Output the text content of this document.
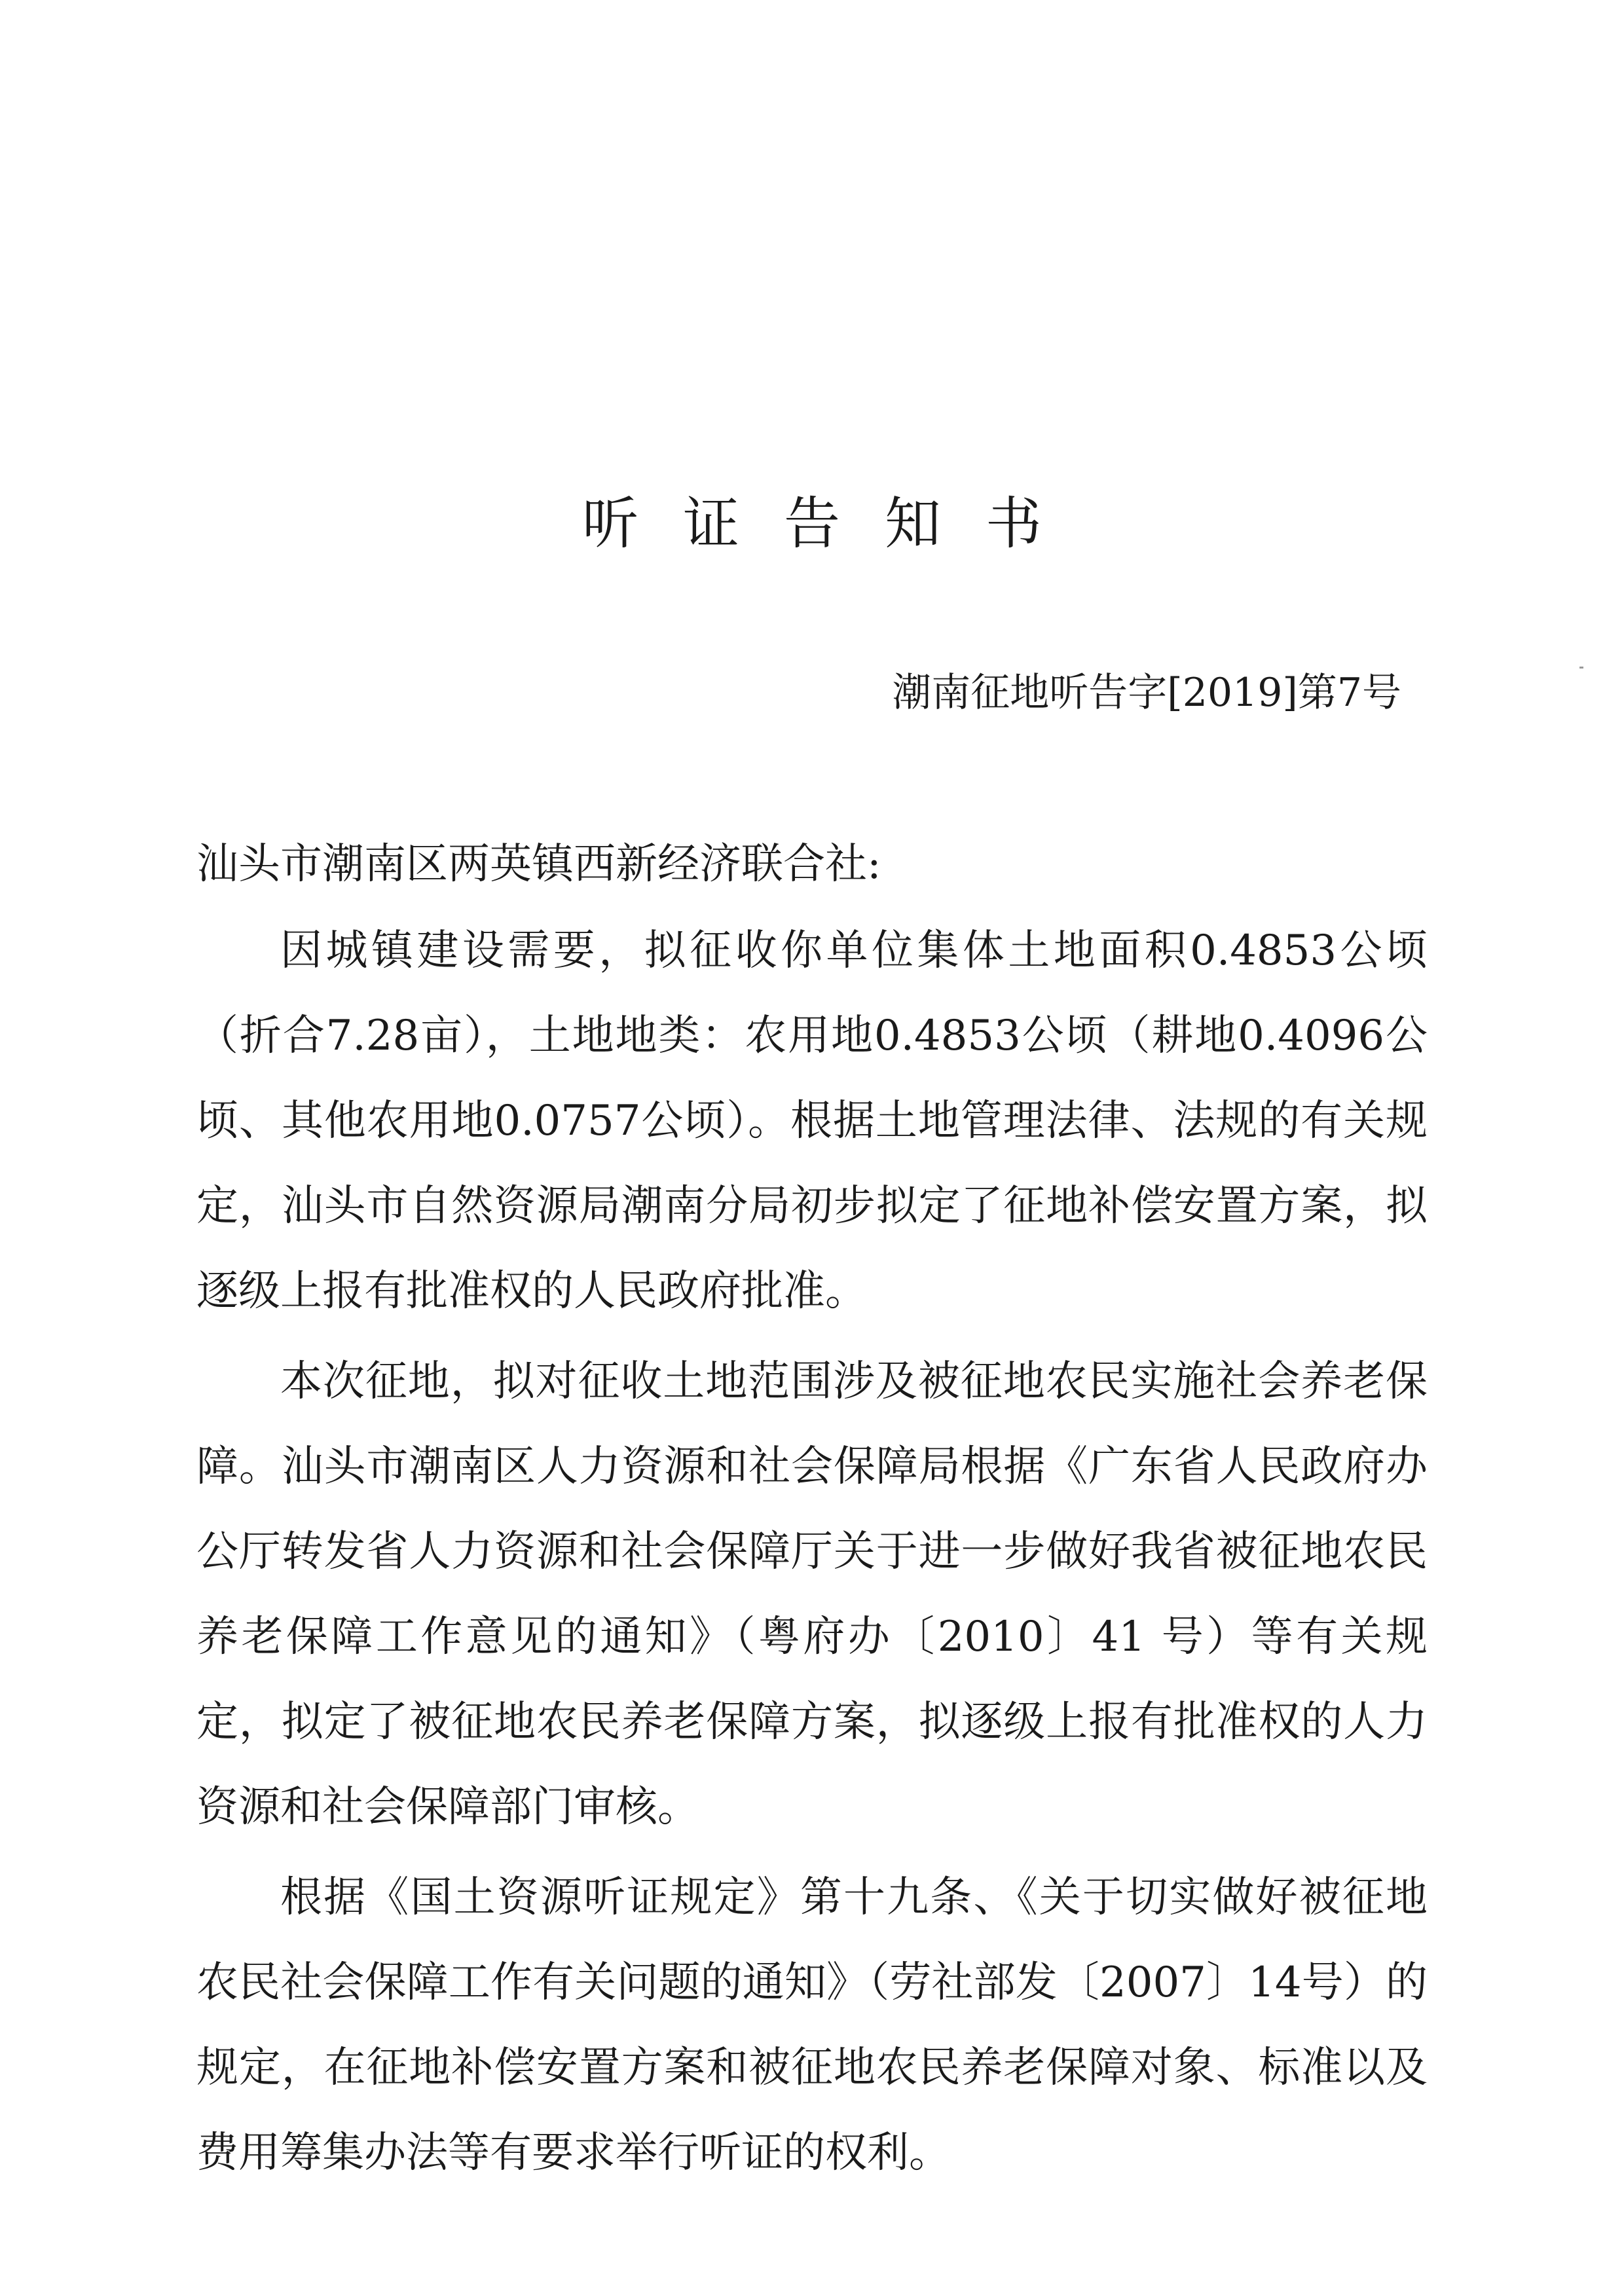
听证告知书
潮南征地听告字[2019]第7号

汕头市潮南区两英镇西新经济联合社:

因城镇建设需要，拟征收你单位集体土地面积0.4853公顷（折合7.28亩），土地地类：农用地0.4853公顷（耕地0.4096公顷、其他农用地0.0757公顷）。根据土地管理法律、法规的有关规定，汕头市自然资源局潮南分局初步拟定了征地补偿安置方案，拟逐级上报有批准权的人民政府批准。

本次征地，拟对征收土地范围涉及被征地农民实施社会养老保障。汕头市潮南区人力资源和社会保障局根据《广东省人民政府办公厅转发省人力资源和社会保障厅关于进一步做好我省被征地农民养老保障工作意见的通知》（粤府办〔2010〕41 号）等有关规定，拟定了被征地农民养老保障方案，拟逐级上报有批准权的人力资源和社会保障部门审核。

根据《国土资源听证规定》第十九条、《关于切实做好被征地农民社会保障工作有关问题的通知》（劳社部发〔2007〕14号）的规定，在征地补偿安置方案和被征地农民养老保障对象、标准以及费用筹集办法等有要求举行听证的权利。
